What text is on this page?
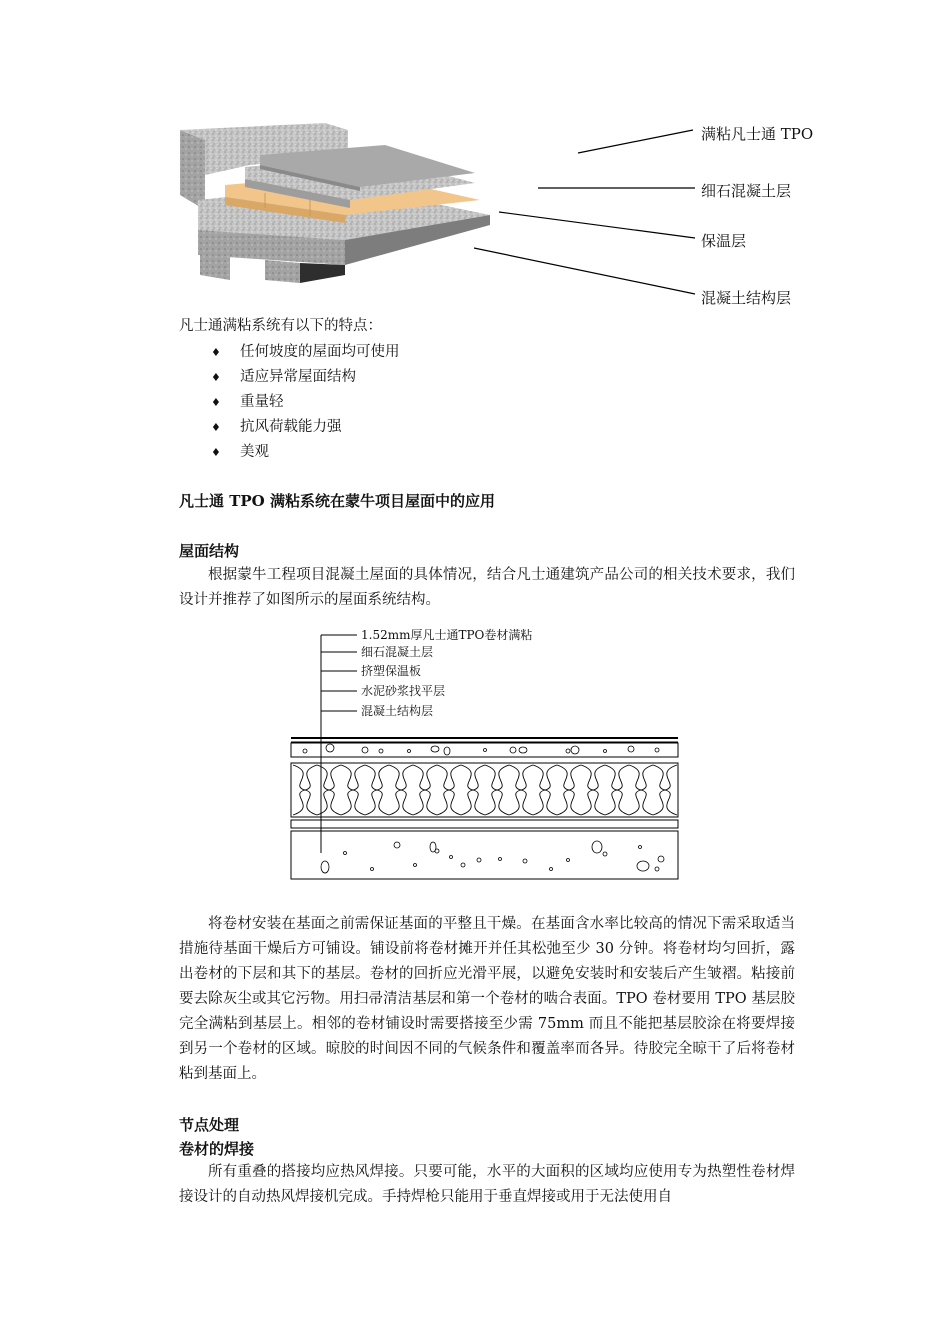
满粘凡士通 TPO
细石混凝土层
保温层
混凝土结构层
凡士通满粘系统有以下的特点：
♦ 任何坡度的屋面均可使用
♦ 适应异常屋面结构
♦ 重量轻
♦ 抗风荷载能力强
♦ 美观
凡士通 TPO 满粘系统在蒙牛项目屋面中的应用
屋面结构
根据蒙牛工程项目混凝土屋面的具体情况，结合凡士通建筑产品公司的相关技术要求，我们设计并推荐了如图所示的屋面系统结构。
1.52mm厚凡士通TPO卷材满粘
细石混凝土层
挤塑保温板
水泥砂浆找平层
混凝土结构层
将卷材安装在基面之前需保证基面的平整且干燥。在基面含水率比较高的情况下需采取适当措施待基面干燥后方可铺设。铺设前将卷材摊开并任其松弛至少 30 分钟。将卷材均匀回折，露出卷材的下层和其下的基层。卷材的回折应光滑平展，以避免安装时和安装后产生皱褶。粘接前要去除灰尘或其它污物。用扫帚清洁基层和第一个卷材的啮合表面。TPO 卷材要用 TPO 基层胶完全满粘到基层上。相邻的卷材铺设时需要搭接至少需 75mm 而且不能把基层胶涂在将要焊接到另一个卷材的区域。晾胶的时间因不同的气候条件和覆盖率而各异。待胶完全晾干了后将卷材粘到基面上。
节点处理
卷材的焊接
所有重叠的搭接均应热风焊接。只要可能，水平的大面积的区域均应使用专为热塑性卷材焊接设计的自动热风焊接机完成。手持焊枪只能用于垂直焊接或用于无法使用自
